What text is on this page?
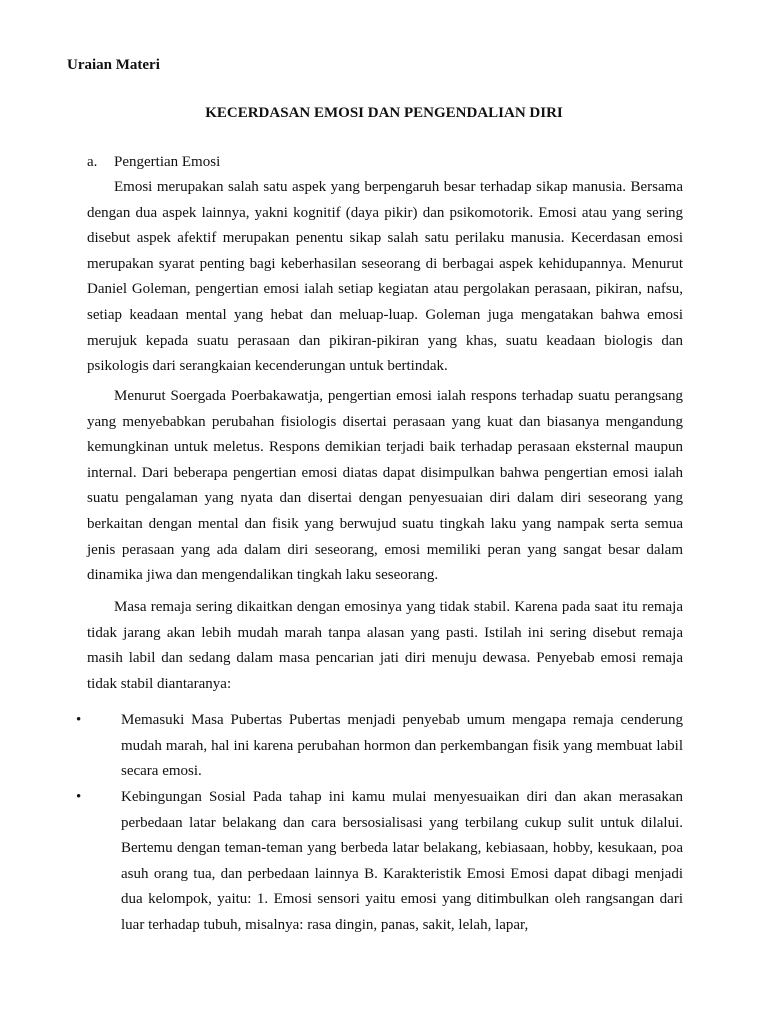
Uraian Materi
KECERDASAN EMOSI DAN PENGENDALIAN DIRI
a. Pengertian Emosi

Emosi merupakan salah satu aspek yang berpengaruh besar terhadap sikap manusia. Bersama dengan dua aspek lainnya, yakni kognitif (daya pikir) dan psikomotorik. Emosi atau yang sering disebut aspek afektif merupakan penentu sikap salah satu perilaku manusia. Kecerdasan emosi merupakan syarat penting bagi keberhasilan seseorang di berbagai aspek kehidupannya. Menurut Daniel Goleman, pengertian emosi ialah setiap kegiatan atau pergolakan perasaan, pikiran, nafsu, setiap keadaan mental yang hebat dan meluap-luap. Goleman juga mengatakan bahwa emosi merujuk kepada suatu perasaan dan pikiran-pikiran yang khas, suatu keadaan biologis dan psikologis dari serangkaian kecenderungan untuk bertindak.

Menurut Soergada Poerbakawatja, pengertian emosi ialah respons terhadap suatu perangsang yang menyebabkan perubahan fisiologis disertai perasaan yang kuat dan biasanya mengandung kemungkinan untuk meletus. Respons demikian terjadi baik terhadap perasaan eksternal maupun internal. Dari beberapa pengertian emosi diatas dapat disimpulkan bahwa pengertian emosi ialah suatu pengalaman yang nyata dan disertai dengan penyesuaian diri dalam diri seseorang yang berkaitan dengan mental dan fisik yang berwujud suatu tingkah laku yang nampak serta semua jenis perasaan yang ada dalam diri seseorang, emosi memiliki peran yang sangat besar dalam dinamika jiwa dan mengendalikan tingkah laku seseorang.

Masa remaja sering dikaitkan dengan emosinya yang tidak stabil. Karena pada saat itu remaja tidak jarang akan lebih mudah marah tanpa alasan yang pasti. Istilah ini sering disebut remaja masih labil dan sedang dalam masa pencarian jati diri menuju dewasa. Penyebab emosi remaja tidak stabil diantaranya:

•	Memasuki Masa Pubertas Pubertas menjadi penyebab umum mengapa remaja cenderung mudah marah, hal ini karena perubahan hormon dan perkembangan fisik yang membuat labil secara emosi.
•	Kebingungan Sosial Pada tahap ini kamu mulai menyesuaikan diri dan akan merasakan perbedaan latar belakang dan cara bersosialisasi yang terbilang cukup sulit untuk dilalui. Bertemu dengan teman-teman yang berbeda latar belakang, kebiasaan, hobby, kesukaan, poa asuh orang tua, dan perbedaan lainnya B. Karakteristik Emosi Emosi dapat dibagi menjadi dua kelompok, yaitu: 1. Emosi sensori yaitu emosi yang ditimbulkan oleh rangsangan dari luar terhadap tubuh, misalnya: rasa dingin, panas, sakit, lelah, lapar,
